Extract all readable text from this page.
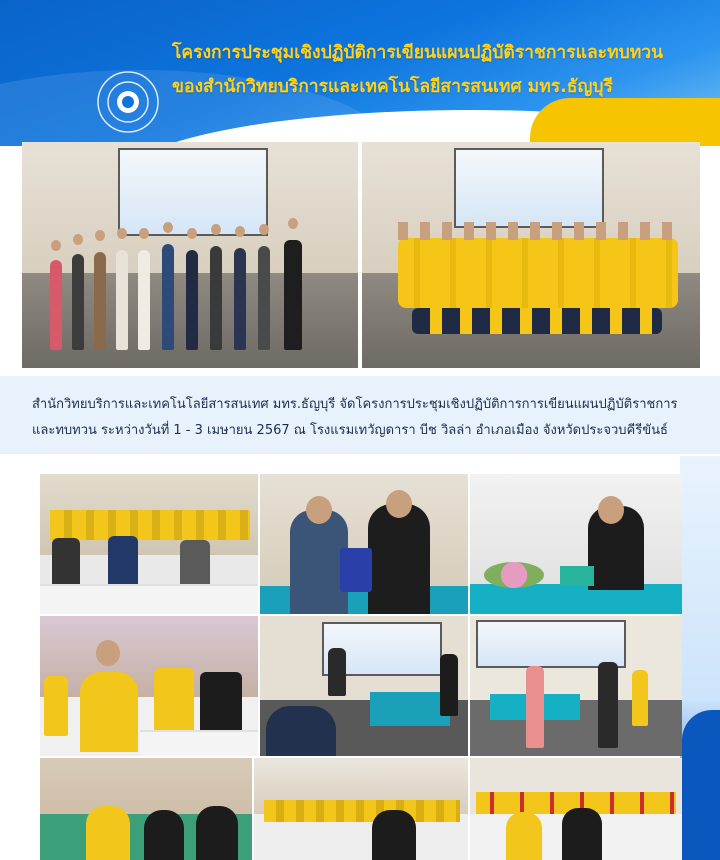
โครงการประชุมเชิงปฏิบัติการเขียนแผนปฏิบัติราชการและทบทวน
ของสำนักวิทยบริการและเทคโนโลยีสารสนเทศ มทร.ธัญบุรี

สำนักวิทยบริการและเทคโนโลยีสารสนเทศ มทร.ธัญบุรี จัดโครงการประชุมเชิงปฏิบัติการการเขียนแผนปฏิบัติราชการ

และทบทวน ระหว่างวันที่ 1 - 3 เมษายน 2567 ณ โรงแรมเทวัญดารา บีช วิลล่า อำเภอเมือง จังหวัดประจวบคีรีขันธ์
